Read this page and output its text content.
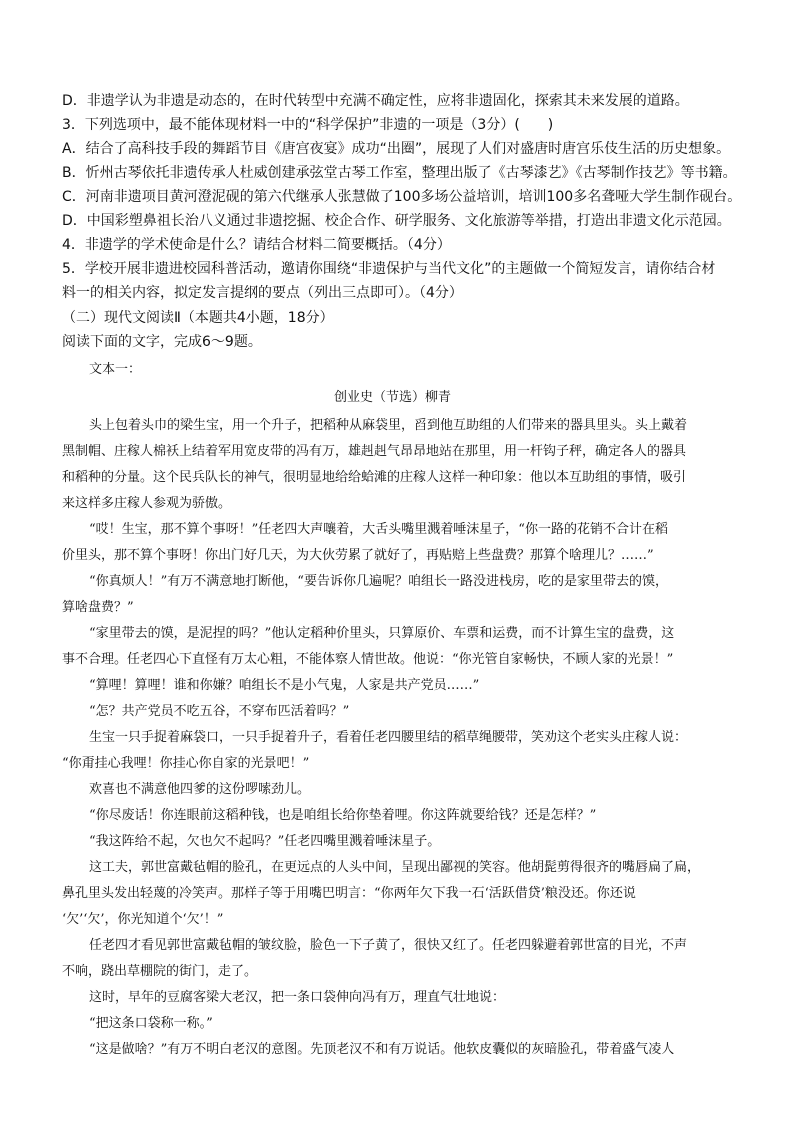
D．非遗学认为非遗是动态的，在时代转型中充满不确定性，应将非遗固化，探索其未来发展的道路。
3．下列选项中，最不能体现材料一中的“科学保护”非遗的一项是（3分）(　　)
A．结合了高科技手段的舞蹈节目《唐宫夜宴》成功“出圈”，展现了人们对盛唐时唐宫乐伎生活的历史想象。
B．忻州古琴依托非遗传承人杜威创建承弦堂古琴工作室，整理出版了《古琴漆艺》《古琴制作技艺》等书籍。
C．河南非遗项目黄河澄泥砚的第六代继承人张慧做了100多场公益培训，培训100多名聋哑大学生制作砚台。
D．中国彩塑鼻祖长治八义通过非遗挖掘、校企合作、研学服务、文化旅游等举措，打造出非遗文化示范园。
4．非遗学的学术使命是什么？请结合材料二简要概括。（4分）
5．学校开展非遗进校园科普活动，邀请你围绕“非遗保护与当代文化”的主题做一个简短发言，请你结合材
料一的相关内容，拟定发言提纲的要点（列出三点即可）。（4分）
（二）现代文阅读Ⅱ（本题共4小题，18分）
阅读下面的文字，完成6～9题。
文本一：
创业史（节选）柳青
头上包着头巾的梁生宝，用一个升子，把稻种从麻袋里，舀到他互助组的人们带来的器具里头。头上戴着
黑制帽、庄稼人棉袄上结着军用宽皮带的冯有万，雄赳赳气昂昂地站在那里，用一杆钩子秤，确定各人的器具
和稻种的分量。这个民兵队长的神气，很明显地给给蛤滩的庄稼人这样一种印象：他以本互助组的事情，吸引
来这样多庄稼人参观为骄傲。
“哎！生宝，那不算个事呀！”任老四大声嚷着，大舌头嘴里溅着唾沫星子，“你一路的花销不合计在稻
价里头，那不算个事呀！你出门好几天，为大伙劳累了就好了，再贴赔上些盘费？那算个啥理儿？……”
“你真烦人！”有万不满意地打断他，“要告诉你几遍呢？咱组长一路没进栈房，吃的是家里带去的馍，
算啥盘费？”
“家里带去的馍，是泥捏的吗？”他认定稻种价里头，只算原价、车票和运费，而不计算生宝的盘费，这
事不合理。任老四心下直怪有万太心粗，不能体察人情世故。他说：“你光管自家畅快，不顾人家的光景！”
“算哩！算哩！谁和你嫌？咱组长不是小气鬼，人家是共产党员……”
“怎？共产党员不吃五谷，不穿布匹活着吗？”
生宝一只手捉着麻袋口，一只手捉着升子，看着任老四腰里结的稻草绳腰带，笑劝这个老实头庄稼人说：
“你甭挂心我哩！你挂心你自家的光景吧！”
欢喜也不满意他四爹的这份啰嗦劲儿。
“你尽废话！你连眼前这稻种钱，也是咱组长给你垫着哩。你这阵就要给钱？还是怎样？”
“我这阵给不起，欠也欠不起吗？”任老四嘴里溅着唾沫星子。
这工夫，郭世富戴毡帽的脸孔，在更远点的人头中间，呈现出鄙视的笑容。他胡髭剪得很齐的嘴唇扁了扁，
鼻孔里头发出轻蔑的冷笑声。那样子等于用嘴巴明言：“你两年欠下我一石‘活跃借贷’粮没还。你还说
‘欠’‘欠’，你光知道个‘欠’！”
任老四才看见郭世富戴毡帽的皱纹脸，脸色一下子黄了，很快又红了。任老四躲避着郭世富的目光，不声
不响，跷出草棚院的街门，走了。
这时，早年的豆腐客梁大老汉，把一条口袋伸向冯有万，理直气壮地说：
“把这条口袋称一称。”
“这是做啥？”有万不明白老汉的意图。先顶老汉不和有万说话。他软皮囊似的灰暗脸孔，带着盛气凌人
